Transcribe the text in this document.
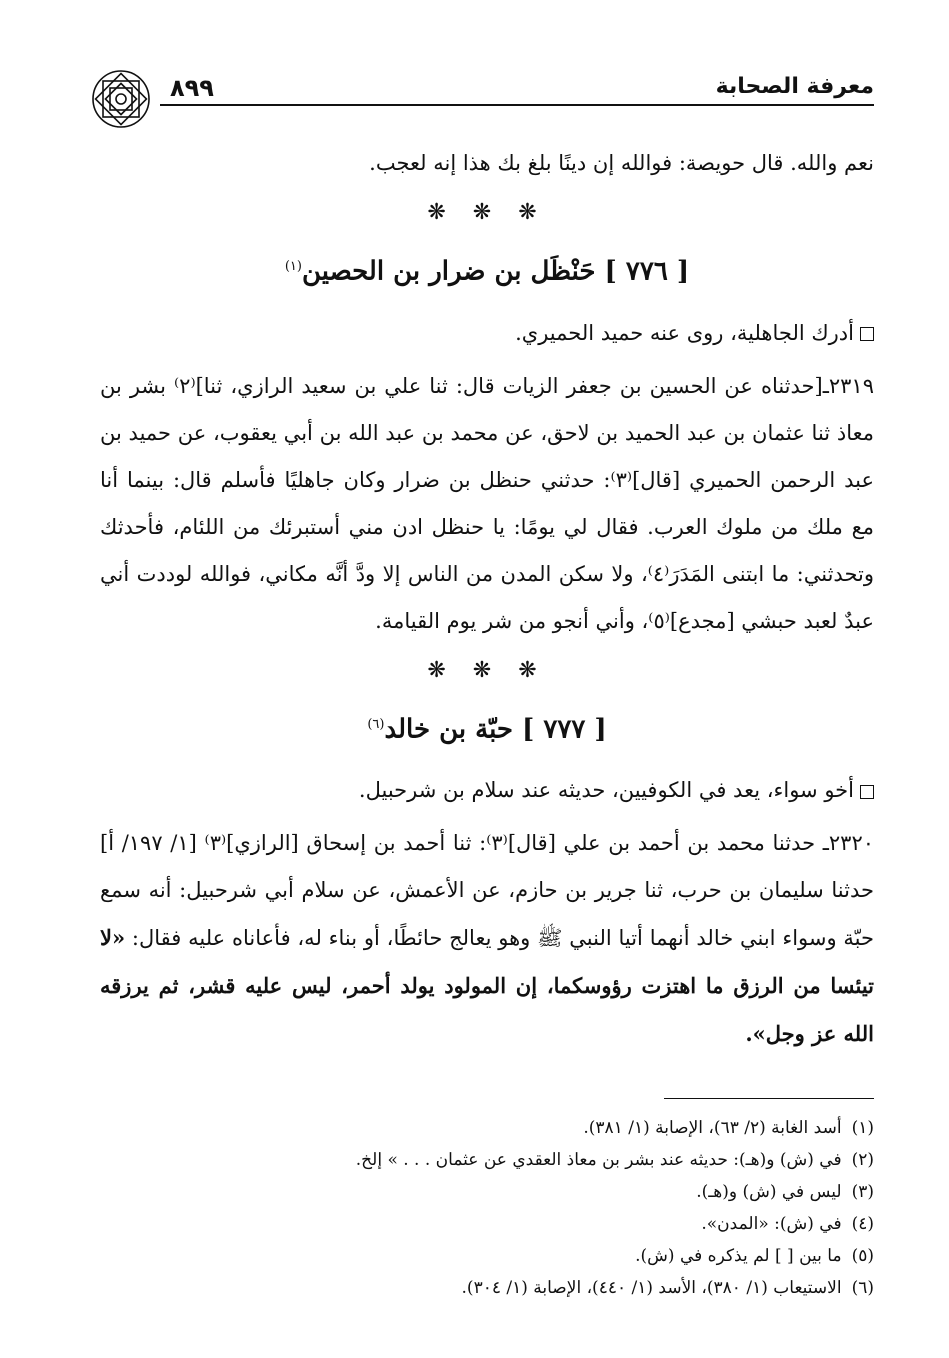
٨٩٩	معرفة الصحابة

نعم والله. قال حويصة: فوالله إن دينًا بلغ بك هذا إنه لعجب.

❋ ❋ ❋
[ ٧٧٦ ] حَنْظَل بن ضرار بن الحصين$^{(١)}$

أدرك الجاهلية، روى عنه حميد الحميري.

٢٣١٩ـ[حدثناه عن الحسين بن جعفر الزيات قال: ثنا علي بن سعيد الرازي، ثنا]⁽٢⁾ بشر بن معاذ ثنا عثمان بن عبد الحميد بن لاحق، عن محمد بن عبد الله بن أبي يعقوب، عن حميد بن عبد الرحمن الحميري [قال]⁽٣⁾: حدثني حنظل بن ضرار وكان جاهليًا فأسلم قال: بينما أنا مع ملك من ملوك العرب. فقال لي يومًا: يا حنظل ادن مني أستبرئك من اللئام، فأحدثك وتحدثني: ما ابتنى المَدَرَ⁽٤⁾، ولا سكن المدن من الناس إلا ودَّ أنَّه مكاني، فوالله لوددت أني عبدٌ لعبد حبشي [مجدع]⁽٥⁾، وأني أنجو من شر يوم القيامة.

❋ ❋ ❋
[ ٧٧٧ ] حبّة بن خالد$^{(٦)}$

أخو سواء، يعد في الكوفيين، حديثه عند سلام بن شرحبيل.

٢٣٢٠ـ حدثنا محمد بن أحمد بن علي [قال]⁽٣⁾: ثنا أحمد بن إسحاق [الرازي]⁽٣⁾ [١/ ١٩٧/ أ] حدثنا سليمان بن حرب، ثنا جرير بن حازم، عن الأعمش، عن سلام أبي شرحبيل: أنه سمع حبّة وسواء ابني خالد أنهما أتيا النبي ﷺ وهو يعالج حائطًا، أو بناء له، فأعاناه عليه فقال: «لا تيئسا من الرزق ما اهتزت رؤوسكما، إن المولود يولد أحمر، ليس عليه قشر، ثم يرزقه الله عز وجل».

(١)أسد الغابة (٢/ ٦٣)، الإصابة (١/ ٣٨١).
(٢)في (ش) و(هـ): حديثه عند بشر بن معاذ العقدي عن عثمان . . . » إلخ.
(٣)ليس في (ش) و(هـ).
(٤)في (ش): «المدن».
(٥)ما بين [ ] لم يذكره في (ش).
(٦)الاستيعاب (١/ ٣٨٠)، الأسد (١/ ٤٤٠)، الإصابة (١/ ٣٠٤).
